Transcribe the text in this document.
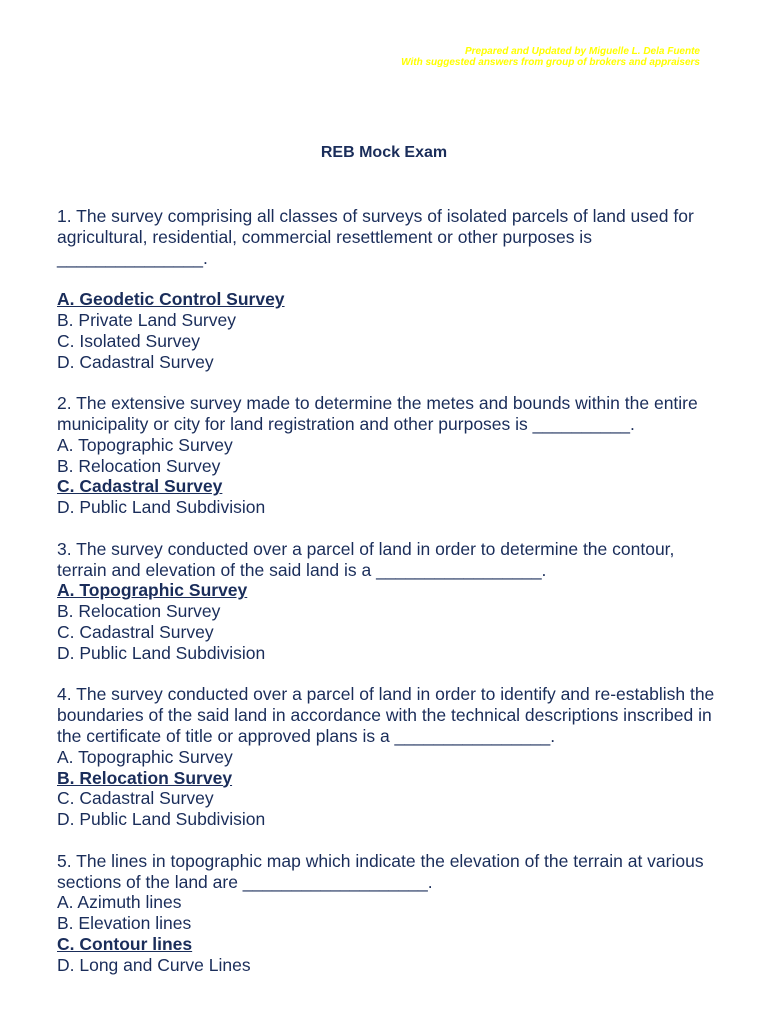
Prepared and Updated by Miguelle L. Dela Fuente
With suggested answers from group of brokers and appraisers
REB Mock Exam

1. The survey comprising all classes of surveys of isolated parcels of land used for agricultural, residential, commercial resettlement or other purposes is _______________.

A. Geodetic Control Survey

B. Private Land Survey

C. Isolated Survey

D. Cadastral Survey

2. The extensive survey made to determine the metes and bounds within the entire municipality or city for land registration and other purposes is __________.

A. Topographic Survey

B. Relocation Survey

C. Cadastral Survey

D. Public Land Subdivision

3. The survey conducted over a parcel of land in order to determine the contour, terrain and elevation of the said land is a _________________.

A. Topographic Survey

B. Relocation Survey

C. Cadastral Survey

D. Public Land Subdivision

4. The survey conducted over a parcel of land in order to identify and re-establish the boundaries of the said land in accordance with the technical descriptions inscribed in the certificate of title or approved plans is a ________________.

A. Topographic Survey

B. Relocation Survey

C. Cadastral Survey

D. Public Land Subdivision

5. The lines in topographic map which indicate the elevation of the terrain at various sections of the land are ___________________.

A. Azimuth lines

B. Elevation lines

C. Contour lines

D. Long and Curve Lines
